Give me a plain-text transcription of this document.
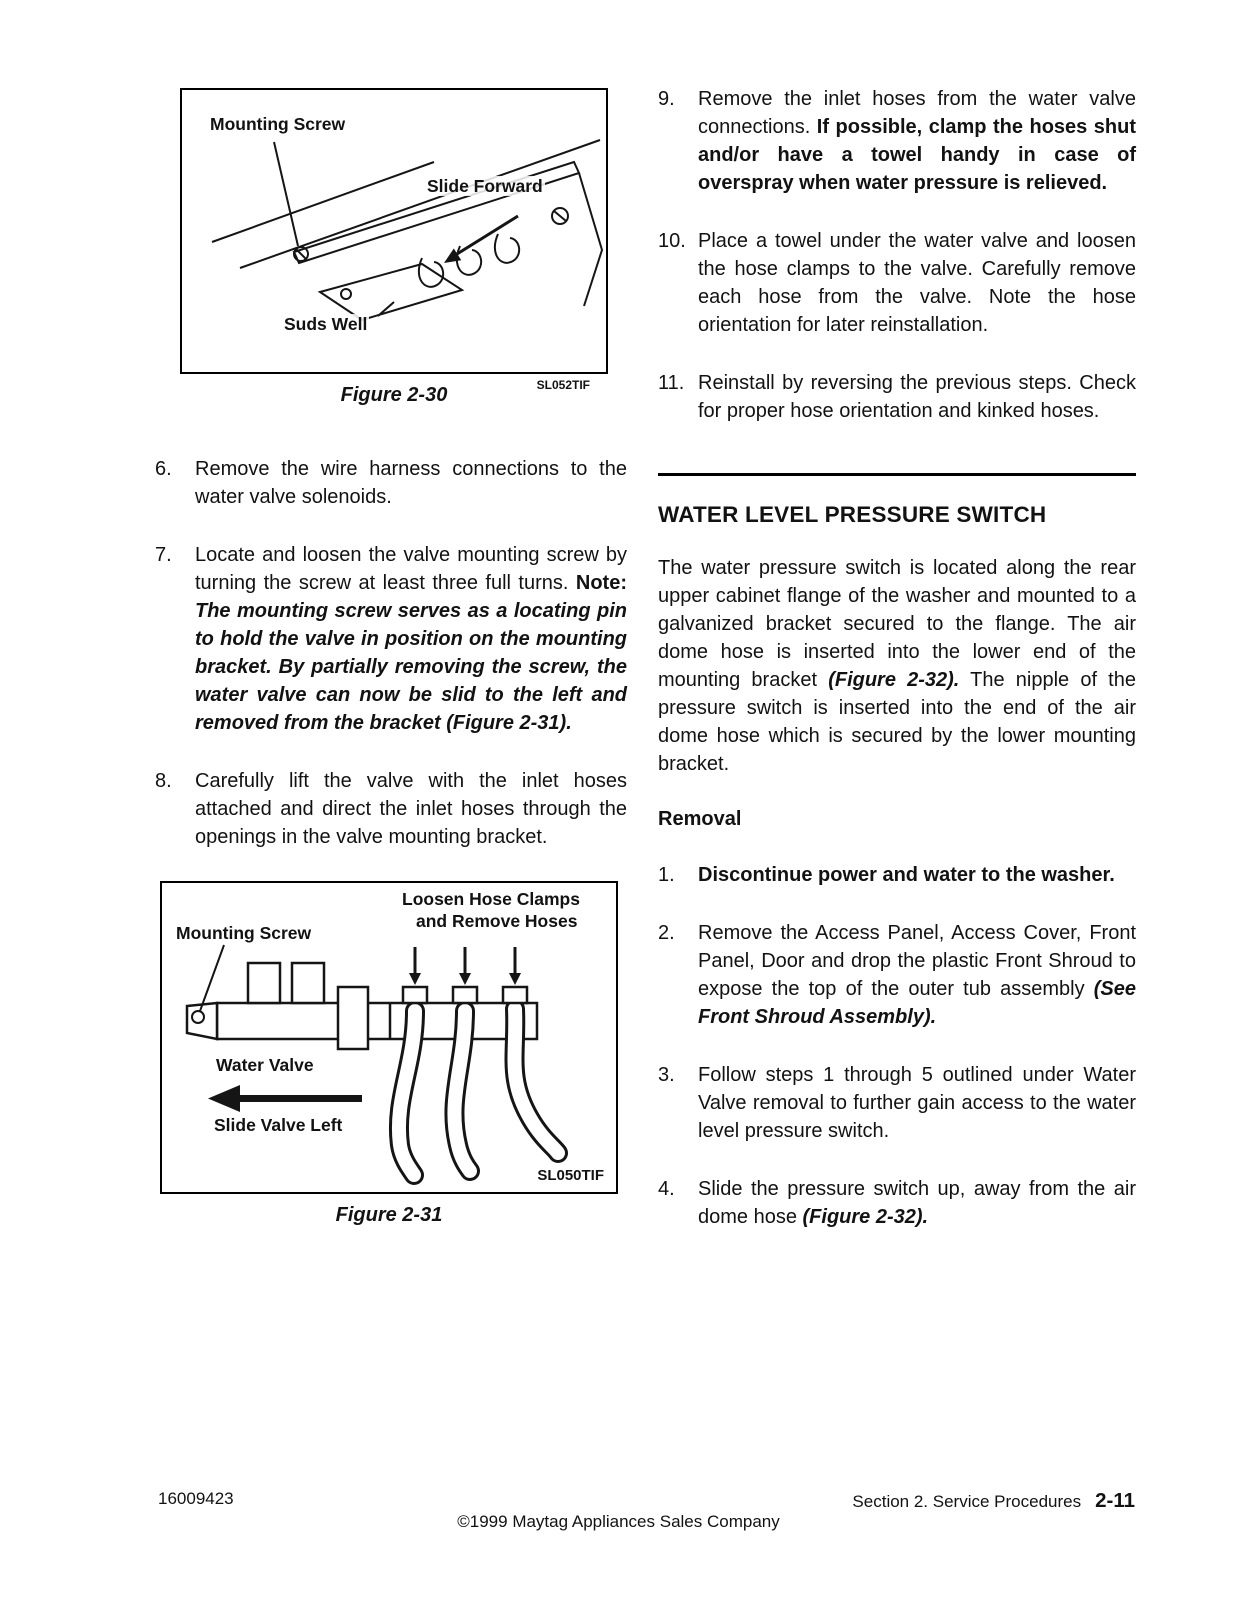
Mounting Screw
Slide Forward
Suds Well
SL052TIF
Figure 2-30
6.	Remove the wire harness connections to the water valve solenoids.
7.	Locate and loosen the valve mounting screw by turning the screw at least three full turns. Note: The mounting screw serves as a locating pin to hold the valve in position on the mounting bracket. By partially removing the screw, the water valve can now be slid to the left and removed from the bracket (Figure 2-31).
8.	Carefully lift the valve with the inlet hoses attached and direct the inlet hoses through the openings in the valve mounting bracket.
Loosen Hose Clamps
and Remove Hoses
Mounting Screw
Water Valve
Slide Valve Left
SL050TIF
Figure 2-31
9.	Remove the inlet hoses from the water valve connections. If possible, clamp the hoses shut and/or have a towel handy in case of overspray when water pressure is relieved.
10. Place a towel under the water valve and loosen the hose clamps to the valve. Carefully remove each hose from the valve. Note the hose orientation for later reinstallation.
11. Reinstall by reversing the previous steps. Check for proper hose orientation and kinked hoses.
WATER LEVEL PRESSURE SWITCH

The water pressure switch is located along the rear upper cabinet flange of the washer and mounted to a galvanized bracket secured to the flange. The air dome hose is inserted into the lower end of the mounting bracket (Figure 2-32). The nipple of the pressure switch is inserted into the end of the air dome hose which is secured by the lower mounting bracket.

Removal
1.	Discontinue power and water to the washer.
2.	Remove the Access Panel, Access Cover, Front Panel, Door and drop the plastic Front Shroud to expose the top of the outer tub assembly (See Front Shroud Assembly).
3.	Follow steps 1 through 5 outlined under Water Valve removal to further gain access to the water level pressure switch.
4.	Slide the pressure switch up, away from the air dome hose (Figure 2-32).
16009423
©1999 Maytag Appliances Sales Company
Section 2. Service Procedures 2-11
